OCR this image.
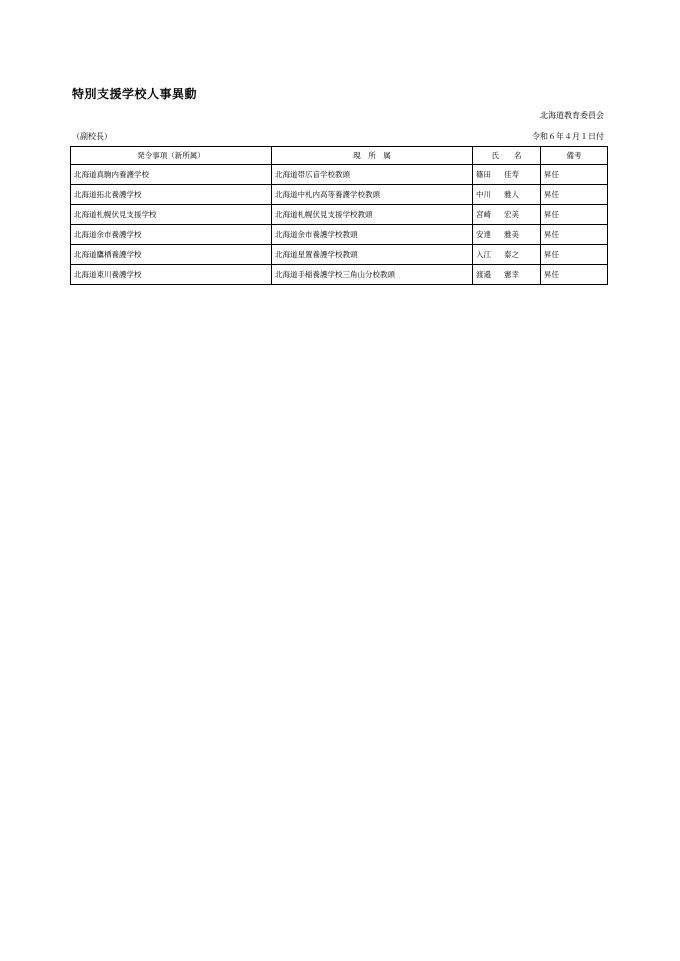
特別支援学校人事異動
北海道教育委員会
（副校長）	令和６年４月１日付
発令事項（新所属）	現　所　属	氏　　名	備考
北海道真駒内養護学校	北海道帯広盲学校教頭	篠田 佳寿	昇任
北海道拓北養護学校	北海道中札内高等養護学校教頭	中川 雅人	昇任
北海道札幌伏見支援学校	北海道札幌伏見支援学校教頭	宮崎 宏美	昇任
北海道余市養護学校	北海道余市養護学校教頭	安達 雅美	昇任
北海道鷹栖養護学校	北海道星置養護学校教頭	入江 泰之	昇任
北海道東川養護学校	北海道手稲養護学校三角山分校教頭	渡邉 憲幸	昇任
